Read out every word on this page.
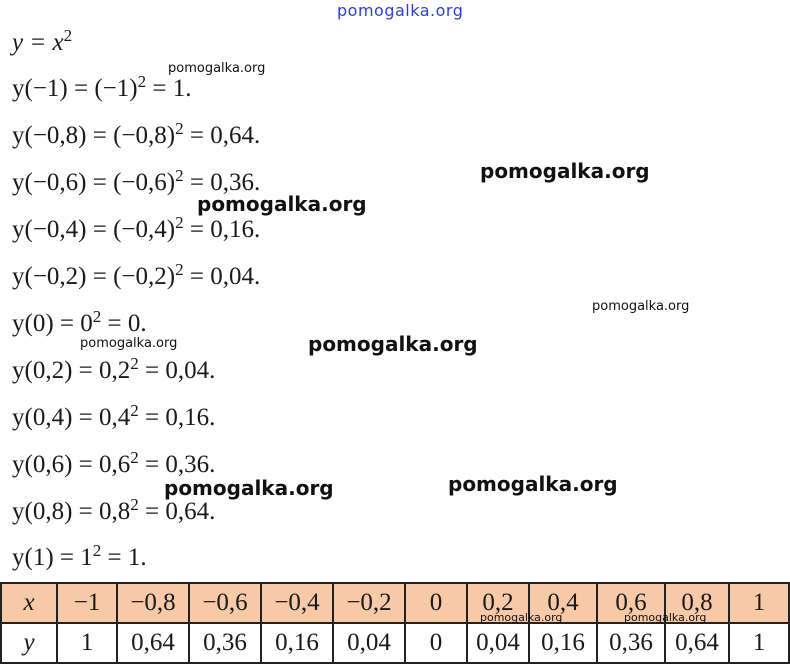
pomogalka.org
$y = x^2$
$y(-1) = (-1)^2 = 1$.
$y(-0,8) = (-0,8)^2 = 0,64$.
$y(-0,6) = (-0,6)^2 = 0,36$.
$y(-0,4) = (-0,4)^2 = 0,16$.
$y(-0,2) = (-0,2)^2 = 0,04$.
$y(0) = 0^2 = 0$.
$y(0,2) = 0,2^2 = 0,04$.
$y(0,4) = 0,4^2 = 0,16$.
$y(0,6) = 0,6^2 = 0,36$.
$y(0,8) = 0,8^2 = 0,64$.
$y(1) = 1^2 = 1$.
pomogalka.org
pomogalka.org
pomogalka.org
pomogalka.org
pomogalka.org	pomogalka.org
pomogalka.org	pomogalka.org
x	−1	−0,8	−0,6	−0,4	−0,2	0	0,2	0,4	0,6	0,8	1
y	1	0,64	0,36	0,16	0,04	0	0,04	0,16	0,36	0,64	1
pomogalka.org	pomogalka.org
